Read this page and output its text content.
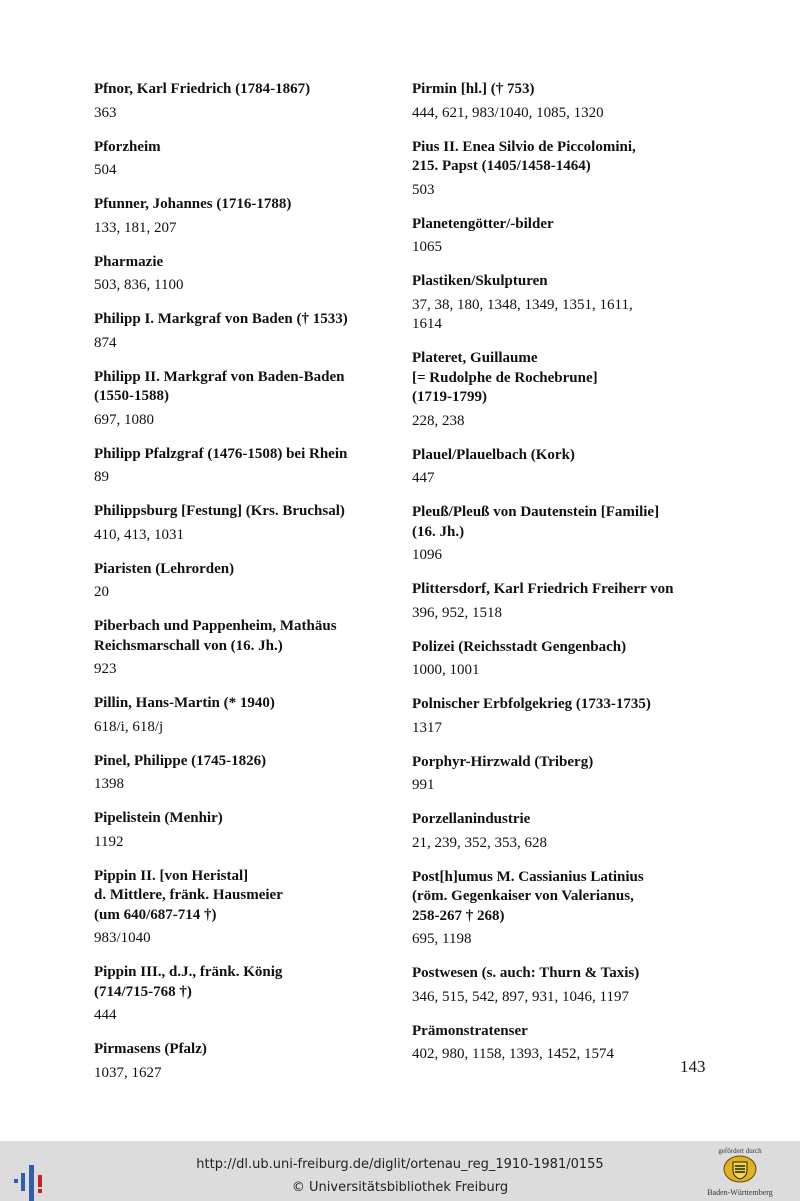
Pfnor, Karl Friedrich (1784-1867)
363
Pforzheim
504
Pfunner, Johannes (1716-1788)
133, 181, 207
Pharmazie
503, 836, 1100
Philipp I. Markgraf von Baden († 1533)
874
Philipp II. Markgraf von Baden-Baden
(1550-1588)
697, 1080
Philipp Pfalzgraf (1476-1508) bei Rhein
89
Philippsburg [Festung] (Krs. Bruchsal)
410, 413, 1031
Piaristen (Lehrorden)
20
Piberbach und Pappenheim, Mathäus
Reichsmarschall von (16. Jh.)
923
Pillin, Hans-Martin (* 1940)
618/i, 618/j
Pinel, Philippe (1745-1826)
1398
Pipelistein (Menhir)
1192
Pippin II. [von Heristal]
d. Mittlere, fränk. Hausmeier
(um 640/687-714 †)
983/1040
Pippin III., d.J., fränk. König
(714/715-768 †)
444
Pirmasens (Pfalz)
1037, 1627
Pirmin [hl.] († 753)
444, 621, 983/1040, 1085, 1320
Pius II. Enea Silvio de Piccolomini,
215. Papst (1405/1458-1464)
503
Planetengötter/-bilder
1065
Plastiken/Skulpturen
37, 38, 180, 1348, 1349, 1351, 1611,
1614
Plateret, Guillaume
[= Rudolphe de Rochebrune]
(1719-1799)
228, 238
Plauel/Plauelbach (Kork)
447
Pleuß/Pleuß von Dautenstein [Familie]
(16. Jh.)
1096
Plittersdorf, Karl Friedrich Freiherr von
396, 952, 1518
Polizei (Reichsstadt Gengenbach)
1000, 1001
Polnischer Erbfolgekrieg (1733-1735)
1317
Porphyr-Hirzwald (Triberg)
991
Porzellanindustrie
21, 239, 352, 353, 628
Post[h]umus M. Cassianius Latinius
(röm. Gegenkaiser von Valerianus,
258-267 † 268)
695, 1198
Postwesen (s. auch: Thurn & Taxis)
346, 515, 542, 897, 931, 1046, 1197
Prämonstratenser
402, 980, 1158, 1393, 1452, 1574
143
http://dl.ub.uni-freiburg.de/diglit/ortenau_reg_1910-1981/0155
© Universitätsbibliothek Freiburg
gefördert durch
Baden-Württemberg
